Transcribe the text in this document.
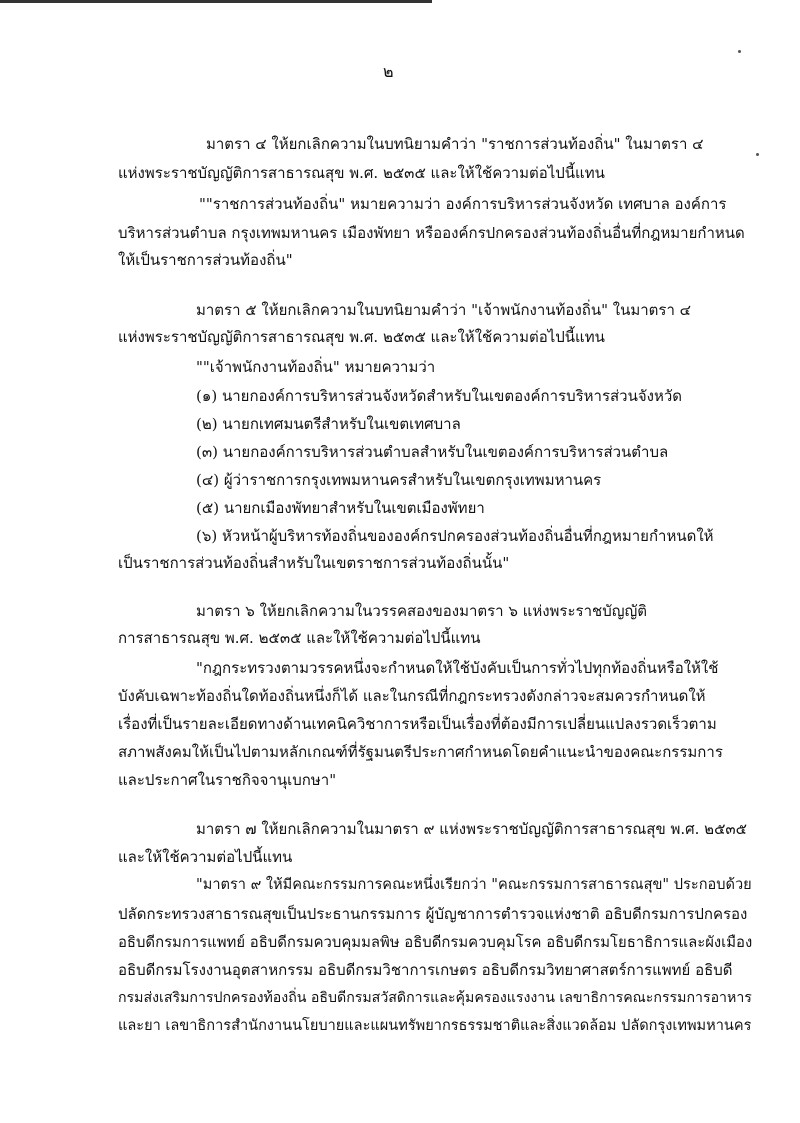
๒
มาตรา ๔ ให้ยกเลิกความในบทนิยามคำว่า "ราชการส่วนท้องถิ่น" ในมาตรา ๔
แห่งพระราชบัญญัติการสาธารณสุข พ.ศ. ๒๕๓๕ และให้ใช้ความต่อไปนี้แทน
""ราชการส่วนท้องถิ่น" หมายความว่า องค์การบริหารส่วนจังหวัด เทศบาล องค์การ
บริหารส่วนตำบล กรุงเทพมหานคร เมืองพัทยา หรือองค์กรปกครองส่วนท้องถิ่นอื่นที่กฎหมายกำหนด
ให้เป็นราชการส่วนท้องถิ่น"
มาตรา ๕ ให้ยกเลิกความในบทนิยามคำว่า "เจ้าพนักงานท้องถิ่น" ในมาตรา ๔
แห่งพระราชบัญญัติการสาธารณสุข พ.ศ. ๒๕๓๕ และให้ใช้ความต่อไปนี้แทน
""เจ้าพนักงานท้องถิ่น" หมายความว่า
(๑) นายกองค์การบริหารส่วนจังหวัดสำหรับในเขตองค์การบริหารส่วนจังหวัด
(๒) นายกเทศมนตรีสำหรับในเขตเทศบาล
(๓) นายกองค์การบริหารส่วนตำบลสำหรับในเขตองค์การบริหารส่วนตำบล
(๔) ผู้ว่าราชการกรุงเทพมหานครสำหรับในเขตกรุงเทพมหานคร
(๕) นายกเมืองพัทยาสำหรับในเขตเมืองพัทยา
(๖) หัวหน้าผู้บริหารท้องถิ่นขององค์กรปกครองส่วนท้องถิ่นอื่นที่กฎหมายกำหนดให้
เป็นราชการส่วนท้องถิ่นสำหรับในเขตราชการส่วนท้องถิ่นนั้น"
มาตรา ๖ ให้ยกเลิกความในวรรคสองของมาตรา ๖ แห่งพระราชบัญญัติ
การสาธารณสุข พ.ศ. ๒๕๓๕ และให้ใช้ความต่อไปนี้แทน
"กฎกระทรวงตามวรรคหนึ่งจะกำหนดให้ใช้บังคับเป็นการทั่วไปทุกท้องถิ่นหรือให้ใช้
บังคับเฉพาะท้องถิ่นใดท้องถิ่นหนึ่งก็ได้ และในกรณีที่กฎกระทรวงดังกล่าวจะสมควรกำหนดให้
เรื่องที่เป็นรายละเอียดทางด้านเทคนิควิชาการหรือเป็นเรื่องที่ต้องมีการเปลี่ยนแปลงรวดเร็วตาม
สภาพสังคมให้เป็นไปตามหลักเกณฑ์ที่รัฐมนตรีประกาศกำหนดโดยคำแนะนำของคณะกรรมการ
และประกาศในราชกิจจานุเบกษา"
มาตรา ๗ ให้ยกเลิกความในมาตรา ๙ แห่งพระราชบัญญัติการสาธารณสุข พ.ศ. ๒๕๓๕
และให้ใช้ความต่อไปนี้แทน
"มาตรา ๙ ให้มีคณะกรรมการคณะหนึ่งเรียกว่า "คณะกรรมการสาธารณสุข" ประกอบด้วย
ปลัดกระทรวงสาธารณสุขเป็นประธานกรรมการ ผู้บัญชาการตำรวจแห่งชาติ อธิบดีกรมการปกครอง
อธิบดีกรมการแพทย์ อธิบดีกรมควบคุมมลพิษ อธิบดีกรมควบคุมโรค อธิบดีกรมโยธาธิการและผังเมือง
อธิบดีกรมโรงงานอุตสาหกรรม อธิบดีกรมวิชาการเกษตร อธิบดีกรมวิทยาศาสตร์การแพทย์ อธิบดี
กรมส่งเสริมการปกครองท้องถิ่น อธิบดีกรมสวัสดิการและคุ้มครองแรงงาน เลขาธิการคณะกรรมการอาหาร
และยา เลขาธิการสำนักงานนโยบายและแผนทรัพยากรธรรมชาติและสิ่งแวดล้อม ปลัดกรุงเทพมหานคร
